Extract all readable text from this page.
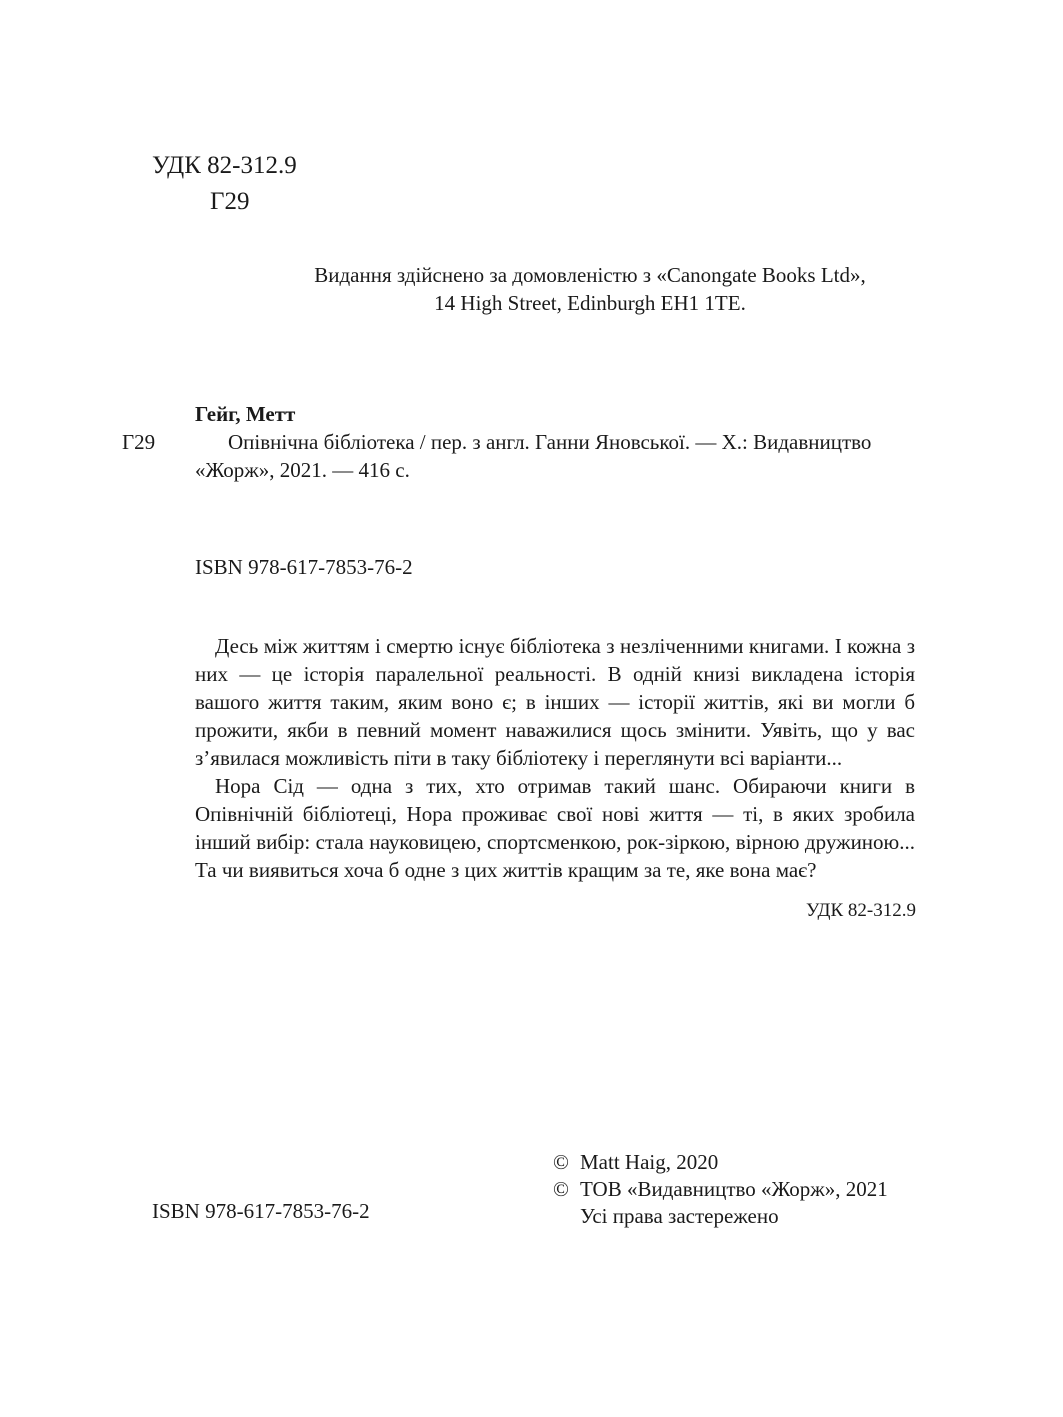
УДК 82-312.9
Г29
Видання здійснено за домовленістю з «Canongate Books Ltd»,
14 High Street, Edinburgh EH1 1TE.
Гейг, Метт
Г29	Опівнічна бібліотека / пер. з англ. Ганни Яновської. — Х.: Видавництво
«Жорж», 2021. — 416 с.
ISBN 978-617-7853-76-2

Десь між життям і смертю існує бібліотека з незліченними книгами. І кожна з них — це історія паралельної реальності. В одній книзі викладена історія вашого життя таким, яким воно є; в інших — історії життів, які ви могли б прожити, якби в певний момент наважилися щось змінити. Уявіть, що у вас з’явилася можливість піти в таку бібліотеку і переглянути всі варіанти...

Нора Сід — одна з тих, хто отримав такий шанс. Обираючи книги в Опівнічній бібліотеці, Нора проживає свої нові життя — ті, в яких зробила інший вибір: стала науковицею, спортсменкою, рок-зіркою, вірною дружиною... Та чи виявиться хоча б одне з цих життів кращим за те, яке вона має?

УДК 82-312.9
© Matt Haig, 2020
© ТОВ «Видавництво «Жорж», 2021
Усі права застережено
ISBN 978-617-7853-76-2
